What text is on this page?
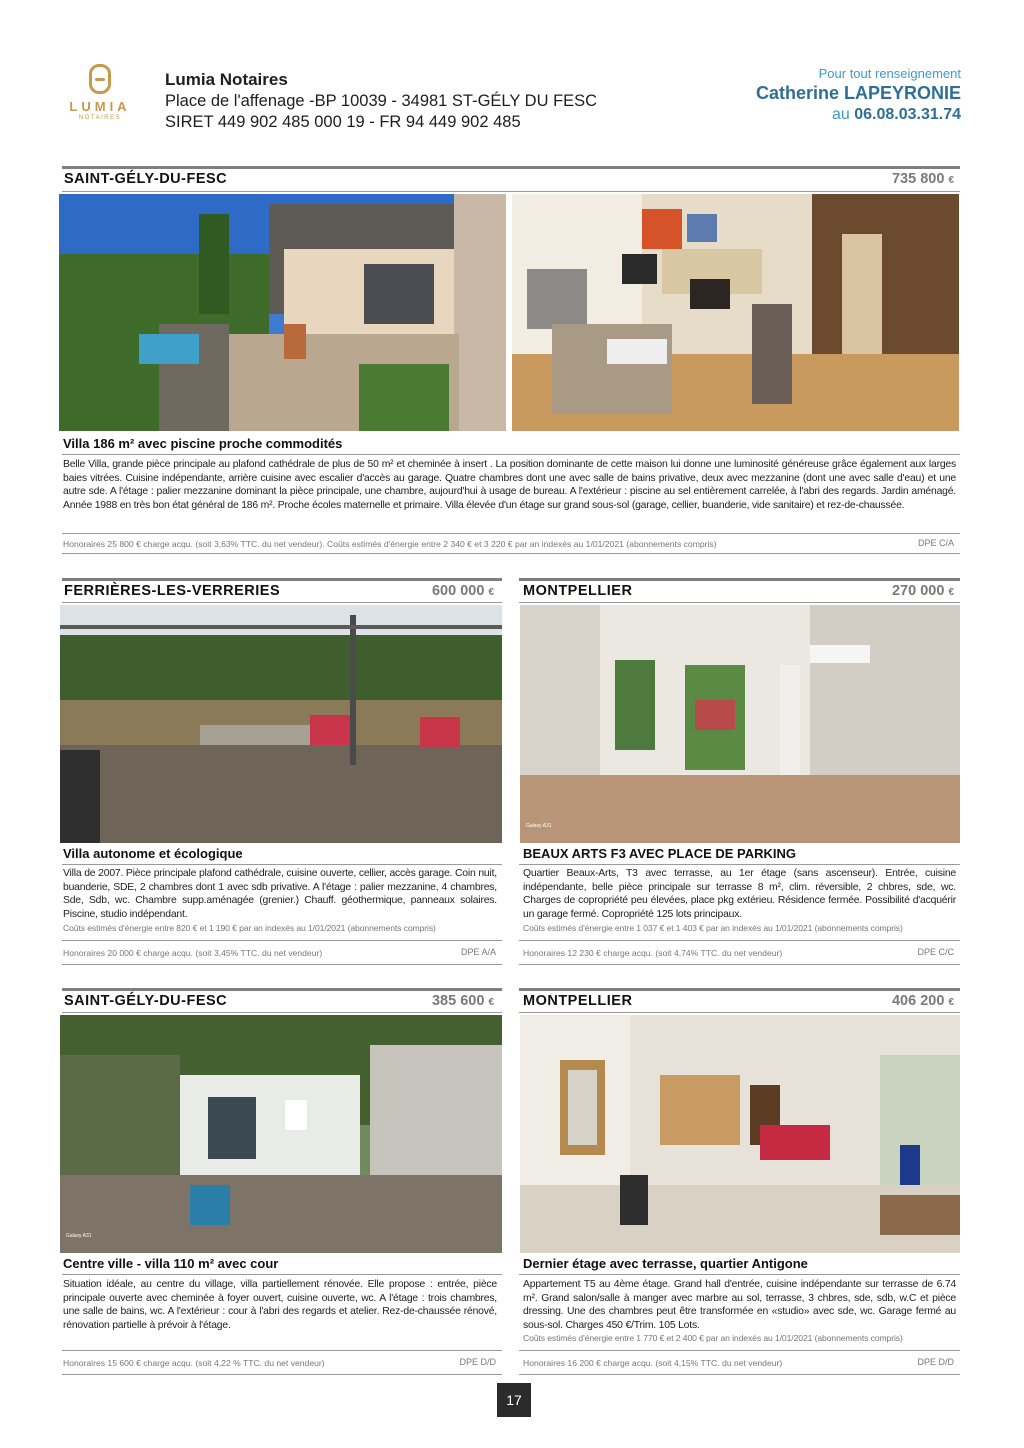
LUMIA
NOTAIRES
Lumia Notaires
Place de l'affenage -BP 10039 - 34981 ST-GÉLY DU FESC
SIRET 449 902 485 000 19 - FR 94 449 902 485
Pour tout renseignement
Catherine LAPEYRONIE
au 06.08.03.31.74
SAINT-GÉLY-DU-FESC	735 800 €
Villa 186 m² avec piscine proche commodités
Belle Villa, grande pièce principale au plafond cathédrale de plus de 50 m² et cheminée à insert . La position dominante de cette maison lui donne une luminosité généreuse grâce également aux larges baies vitrées. Cuisine indépendante, arrière cuisine avec escalier d'accès au garage. Quatre chambres dont une avec salle de bains privative, deux avec mezzanine (dont une avec salle d'eau) et une autre sde. A l'étage : palier mezzanine dominant la pièce principale, une chambre, aujourd'hui à usage de bureau. A l'extérieur : piscine au sel entièrement carrelée, à l'abri des regards. Jardin aménagé. Année 1988 en très bon état général de 186 m². Proche écoles maternelle et primaire. Villa élevée d'un étage sur grand sous-sol (garage, cellier, buanderie, vide sanitaire) et rez-de-chaussée.
Honoraires 25 800 € charge acqu. (soit 3,63% TTC. du net vendeur). Coûts estimés d'énergie entre 2 340 € et 3 220 € par an indexés au 1/01/2021 (abonnements compris)	DPE C/A
FERRIÈRES-LES-VERRERIES	600 000 €
Villa autonome et écologique
Villa de 2007. Pièce principale plafond cathédrale, cuisine ouverte, cellier, accès garage. Coin nuit, buanderie, SDE, 2 chambres dont 1 avec sdb privative. A l'étage : palier mezzanine, 4 chambres, Sde, Sdb, wc. Chambre supp.aménagée (grenier.) Chauff. géothermique, panneaux solaires. Piscine, studio indépendant.
Coûts estimés d'énergie entre 820 € et 1 190 € par an indexés au 1/01/2021 (abonnements compris)
Honoraires 20 000 € charge acqu. (soit 3,45% TTC. du net vendeur)	DPE A/A
MONTPELLIER	270 000 €
Galaxy A31
BEAUX ARTS F3 AVEC PLACE DE PARKING
Quartier Beaux-Arts, T3 avec terrasse, au 1er étage (sans ascenseur). Entrée, cuisine indépendante, belle pièce principale sur terrasse 8 m², clim. réversible, 2 chbres, sde, wc. Charges de copropriété peu élevées, place pkg extérieu. Résidence fermée. Possibilité d'acquérir un garage fermé. Copropriété 125 lots principaux.
Coûts estimés d'énergie entre 1 037 € et 1 403 € par an indexés au 1/01/2021 (abonnements compris)
Honoraires 12 230 € charge acqu. (soit 4,74% TTC. du net vendeur)	DPE C/C
SAINT-GÉLY-DU-FESC	385 600 €
Galaxy A31
Centre ville - villa 110 m² avec cour
Situation idéale, au centre du village, villa partiellement rénovée. Elle propose : entrée, pièce principale ouverte avec cheminée à foyer ouvert, cuisine ouverte, wc. A l'étage : trois chambres, une salle de bains, wc. A l'extérieur : cour à l'abri des regards et atelier. Rez-de-chaussée rénové, rénovation partielle à prévoir à l'étage.
Honoraires 15 600 € charge acqu. (soit 4,22 % TTC. du net vendeur)	DPE D/D
MONTPELLIER	406 200 €
Dernier étage avec terrasse, quartier Antigone
Appartement T5 au 4ème étage. Grand hall d'entrée, cuisine indépendante sur terrasse de 6.74 m². Grand salon/salle à manger avec marbre au sol, terrasse, 3 chbres, sde, sdb, w.C et pièce dressing. Une des chambres peut être transformée en «studio» avec sde, wc. Garage fermé au sous-sol. Charges 450 €/Trim. 105 Lots.
Coûts estimés d'énergie entre 1 770 € et 2 400 € par an indexés au 1/01/2021 (abonnements compris)
Honoraires 16 200 € charge acqu. (soit 4,15% TTC. du net vendeur)	DPE D/D
17
